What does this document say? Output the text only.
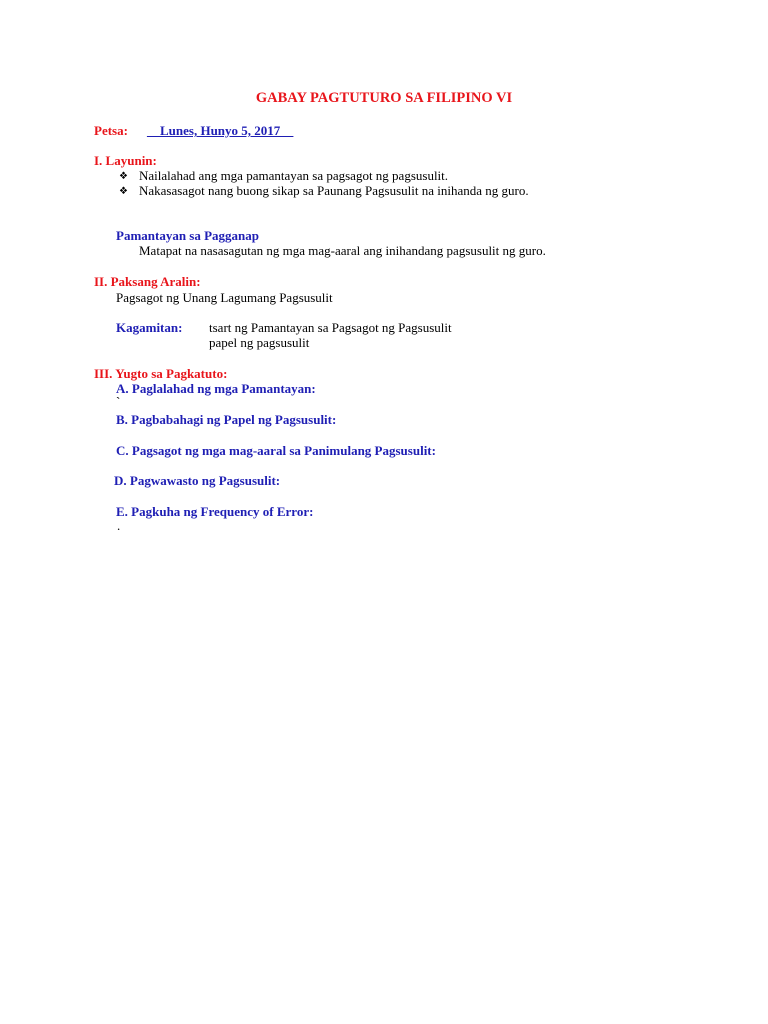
GABAY PAGTUTURO SA FILIPINO VI
Petsa: __Lunes, Hunyo 5, 2017__
I. Layunin:
❖ Nailalahad ang mga pamantayan sa pagsagot ng pagsusulit.
❖ Nakasasagot nang buong sikap sa Paunang Pagsusulit na inihanda ng guro.
Pamantayan sa Pagganap
Matapat na nasasagutan ng mga mag-aaral ang inihandang pagsusulit ng guro.
II. Paksang Aralin:
Pagsagot ng Unang Lagumang Pagsusulit
Kagamitan: tsart ng Pamantayan sa Pagsagot ng Pagsusulit
papel ng pagsusulit
III. Yugto sa Pagkatuto:
A. Paglalahad ng mga Pamantayan:
`
B. Pagbabahagi ng Papel ng Pagsusulit:
C. Pagsagot ng mga mag-aaral sa Panimulang Pagsusulit:
D. Pagwawasto ng Pagsusulit:
E. Pagkuha ng Frequency of Error:
.
